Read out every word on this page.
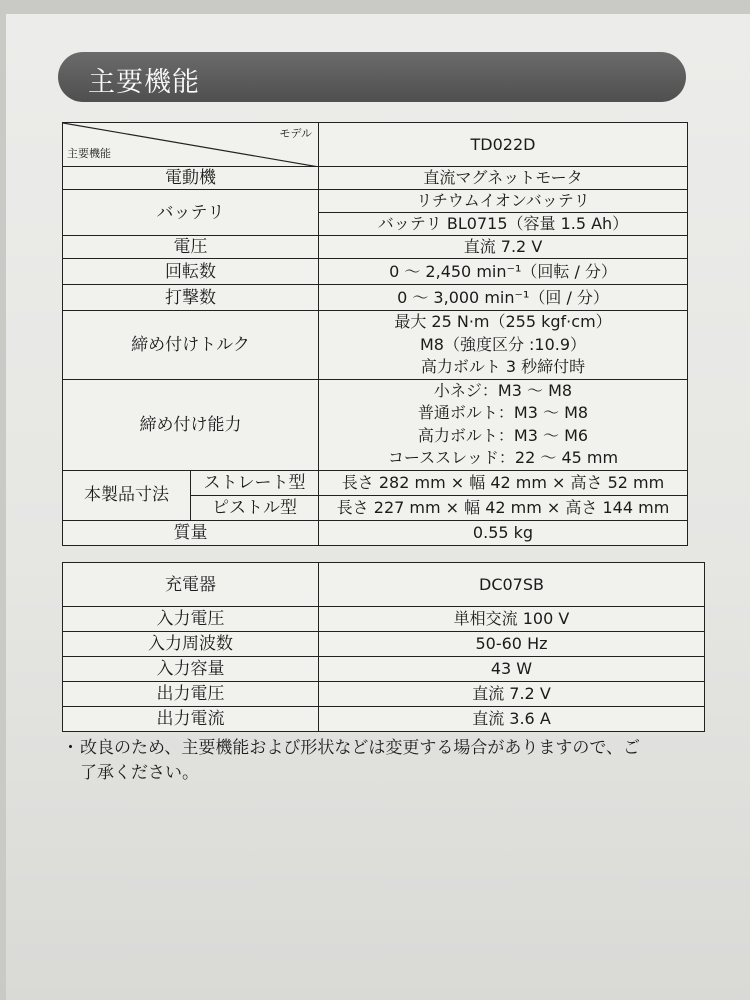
主要機能
モデル
主要機能		TD022D
電動機		直流マグネットモータ
バッテリ		リチウムイオンバッテリ
		バッテリ BL0715（容量 1.5 Ah）
電圧		直流 7.2 V
回転数		0 ～ 2,450 min⁻¹（回転 / 分）
打撃数		0 ～ 3,000 min⁻¹（回 / 分）
締め付けトルク		最大 25 N·m（255 kgf·cm）
M8（強度区分 :10.9）
高力ボルト 3 秒締付時

締め付け能力		小ネジ：M3 ～ M8
普通ボルト：M3 ～ M8
高力ボルト：M3 ～ M6
コーススレッド：22 ～ 45 mm

本製品寸法	ストレート型	長さ 282 mm × 幅 42 mm × 高さ 52 mm
	ピストル型	長さ 227 mm × 幅 42 mm × 高さ 144 mm
質量		0.55 kg
充電器	DC07SB
入力電圧	単相交流 100 V
入力周波数	50-60 Hz
入力容量	43 W
出力電圧	直流 7.2 V
出力電流	直流 3.6 A
・ 改良のため、主要機能および形状などは変更する場合がありますので、ご
了承ください。
